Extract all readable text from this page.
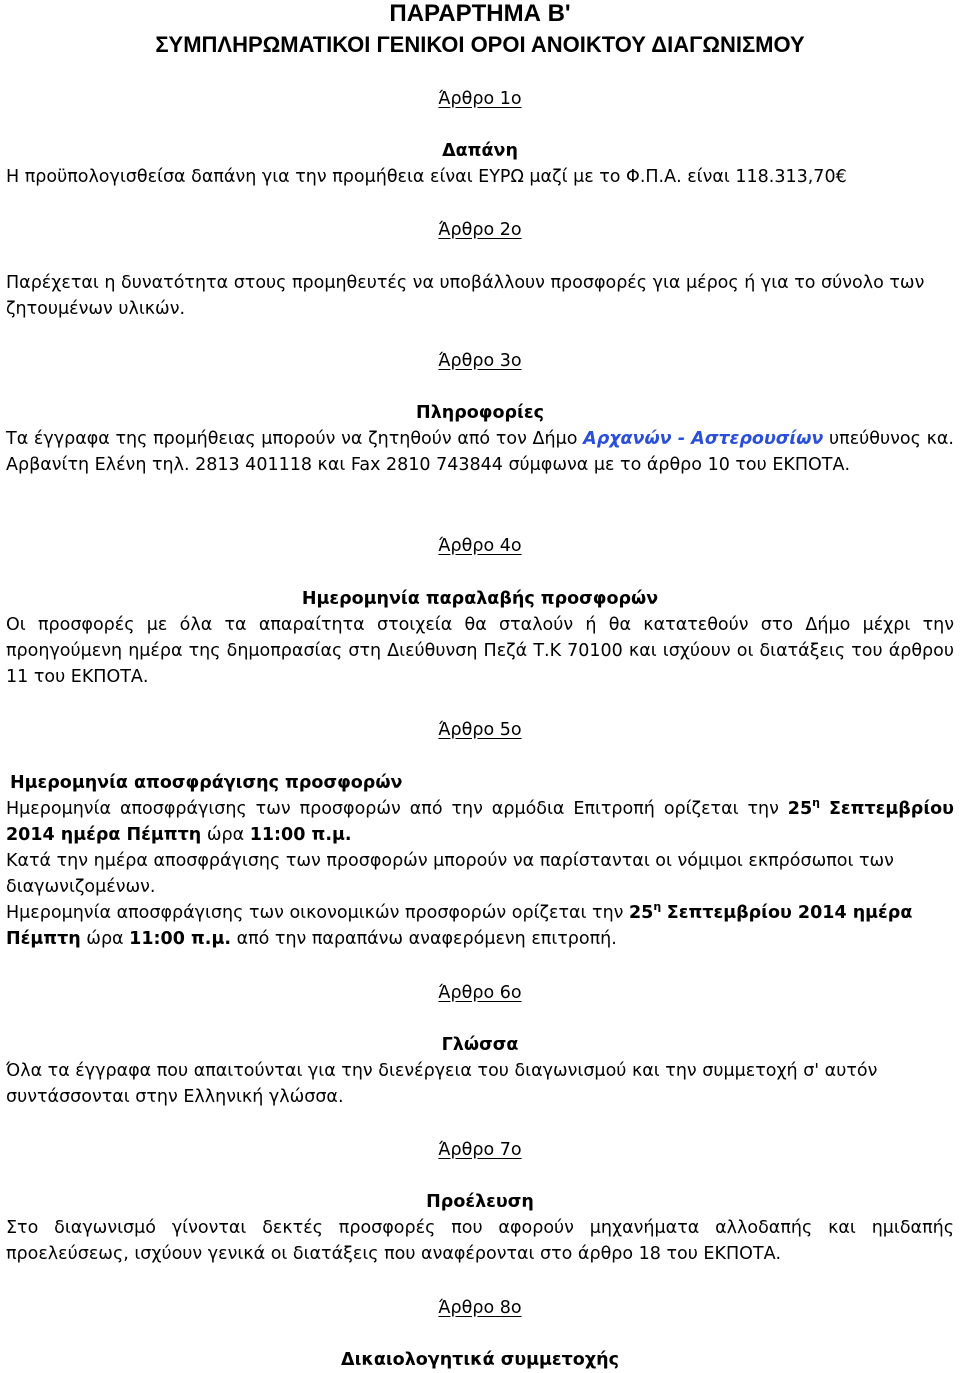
ΠΑΡΑΡΤΗΜΑ Β'
ΣΥΜΠΛΗΡΩΜΑΤΙΚΟΙ ΓΕΝΙΚΟΙ ΟΡΟΙ ΑΝΟΙΚΤΟΥ ΔΙΑΓΩΝΙΣΜΟΥ
Άρθρο 1ο
Δαπάνη
Η προϋπολογισθείσα δαπάνη για την προμήθεια είναι ΕΥΡΩ μαζί με το Φ.Π.Α. είναι 118.313,70€
Άρθρο 2ο
Παρέχεται η δυνατότητα στους προμηθευτές να υποβάλλουν προσφορές για μέρος ή για το σύνολο των ζητουμένων υλικών.
Άρθρο 3ο
Πληροφορίες
Τα έγγραφα της προμήθειας μπορούν να ζητηθούν από τον Δήμο Αρχανών - Αστερουσίων υπεύθυνος κα. Αρβανίτη Ελένη τηλ. 2813 401118 και Fax 2810 743844 σύμφωνα με το άρθρο 10 του ΕΚΠΟΤΑ.
Άρθρο 4ο
Ημερομηνία παραλαβής προσφορών
Οι προσφορές με όλα τα απαραίτητα στοιχεία θα σταλούν ή θα κατατεθούν στο Δήμο μέχρι την προηγούμενη ημέρα της δημοπρασίας στη Διεύθυνση Πεζά Τ.Κ 70100 και ισχύουν οι διατάξεις του άρθρου 11 του ΕΚΠΟΤΑ.
Άρθρο 5ο
Ημερομηνία αποσφράγισης προσφορών
Ημερομηνία αποσφράγισης των προσφορών από την αρμόδια Επιτροπή ορίζεται την $25^\eta$ Σεπτεμβρίου 2014 ημέρα Πέμπτη ώρα 11:00 π.μ.
Κατά την ημέρα αποσφράγισης των προσφορών μπορούν να παρίστανται οι νόμιμοι εκπρόσωποι των διαγωνιζομένων.
Ημερομηνία αποσφράγισης των οικονομικών προσφορών ορίζεται την $25^\eta$ Σεπτεμβρίου 2014 ημέρα Πέμπτη ώρα 11:00 π.μ. από την παραπάνω αναφερόμενη επιτροπή.
Άρθρο 6ο
Γλώσσα
Όλα τα έγγραφα που απαιτούνται για την διενέργεια του διαγωνισμού και την συμμετοχή σ' αυτόν συντάσσονται στην Ελληνική γλώσσα.
Άρθρο 7ο
Προέλευση
Στο διαγωνισμό γίνονται δεκτές προσφορές που αφορούν μηχανήματα αλλοδαπής και ημιδαπής προελεύσεως, ισχύουν γενικά οι διατάξεις που αναφέρονται στο άρθρο 18 του ΕΚΠΟΤΑ.
Άρθρο 8ο
Δικαιολογητικά συμμετοχής
